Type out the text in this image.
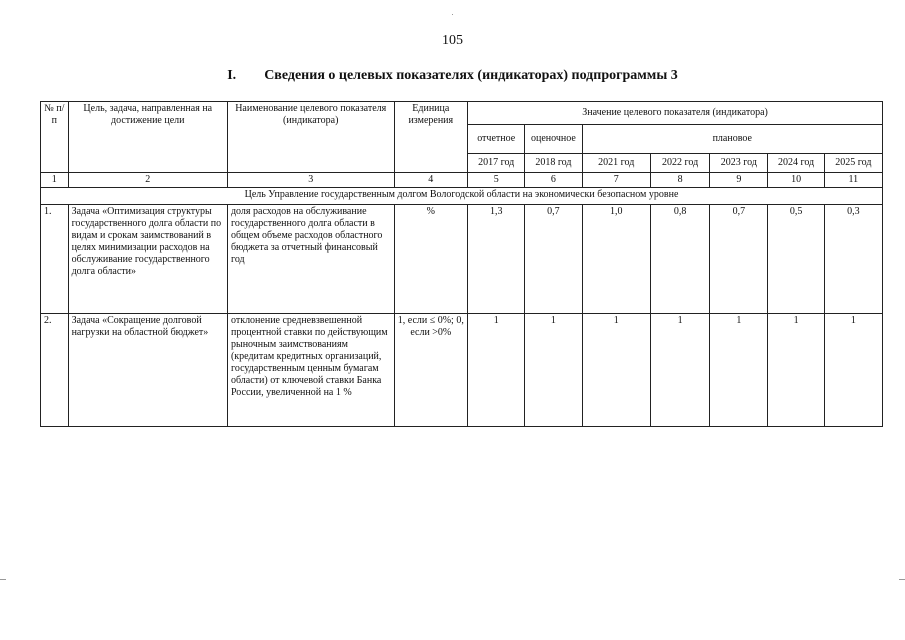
105
I. Сведения о целевых показателях (индикаторах) подпрограммы 3
№ п/п	Цель, задача, направленная на достижение цели	Наименование целевого показателя (индикатора)	Единица измерения	Значение целевого показателя (индикатора)						
				отчетное	оценочное	плановое				
				2017 год	2018 год	2021 год	2022 год	2023 год	2024 год	2025 год
1	2	3	4	5	6	7	8	9	10	11
Цель Управление государственным долгом Вологодской области на экономически безопасном уровне										
1.	Задача «Оптимизация структуры государственного долга области по видам и срокам заимствований в целях минимизации расходов на обслуживание государственного долга области»	доля расходов на обслуживание государственного долга области в общем объеме расходов областного бюджета за отчетный финансовый год	%	1,3	0,7	1,0	0,8	0,7	0,5	0,3
2.	Задача «Сокращение долговой нагрузки на областной бюджет»	отклонение средневзвешенной процентной ставки по действующим рыночным заимствованиям (кредитам кредитных организаций, государственным ценным бумагам области) от ключевой ставки Банка России, увеличенной на 1 %	1, если ≤ 0%; 0, если >0%	1	1	1	1	1	1	1
